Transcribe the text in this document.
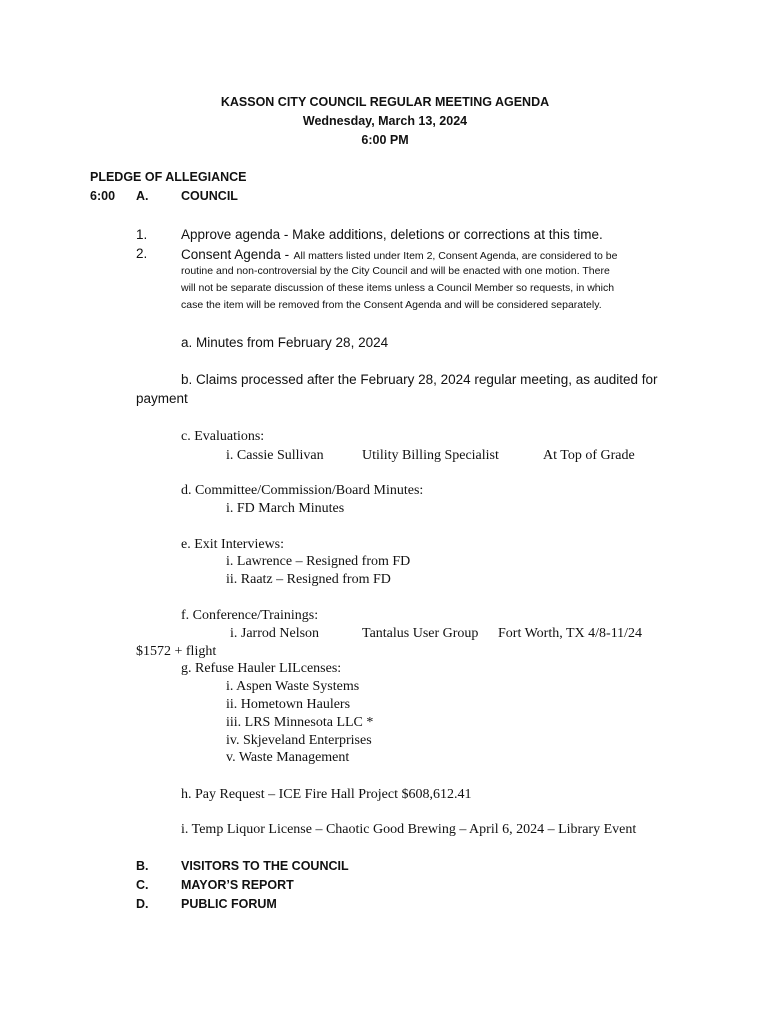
KASSON CITY COUNCIL REGULAR MEETING AGENDA
Wednesday, March 13, 2024
6:00 PM
PLEDGE OF ALLEGIANCE
6:00 A.	COUNCIL
1. Approve agenda - Make additions, deletions or corrections at this time.
2. Consent Agenda - All matters listed under Item 2, Consent Agenda, are considered to be
routine and non-controversial by the City Council and will be enacted with one motion. There
will not be separate discussion of these items unless a Council Member so requests, in which
case the item will be removed from the Consent Agenda and will be considered separately.
a. Minutes from February 28, 2024
b. Claims processed after the February 28, 2024 regular meeting, as audited for
payment
c. Evaluations:
i. Cassie Sullivan	Utility Billing Specialist	At Top of Grade
d. Committee/Commission/Board Minutes:
i. FD March Minutes
e. Exit Interviews:
i. Lawrence – Resigned from FD
ii. Raatz – Resigned from FD
f. Conference/Trainings:
i. Jarrod Nelson	Tantalus User Group Fort Worth, TX 4/8-11/24
$1572 + flight
g. Refuse Hauler LILcenses:
i. Aspen Waste Systems
ii. Hometown Haulers
iii. LRS Minnesota LLC *
iv. Skjeveland Enterprises
v. Waste Management
h. Pay Request – ICE Fire Hall Project $608,612.41
i. Temp Liquor License – Chaotic Good Brewing – April 6, 2024 – Library Event
B.	VISITORS TO THE COUNCIL
C.	MAYOR’S REPORT
D.	PUBLIC FORUM
